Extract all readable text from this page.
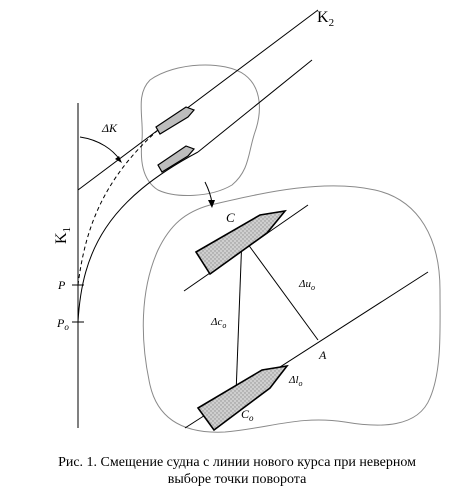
$K_2$
$K_1$
ΔK
P
$P_o$
C
$C_o$
A
$\Delta u_o$
$\Delta c_o$
$\Delta l_o$
Рис. 1. Смещение судна с линии нового курса при неверном
выборе точки поворота
